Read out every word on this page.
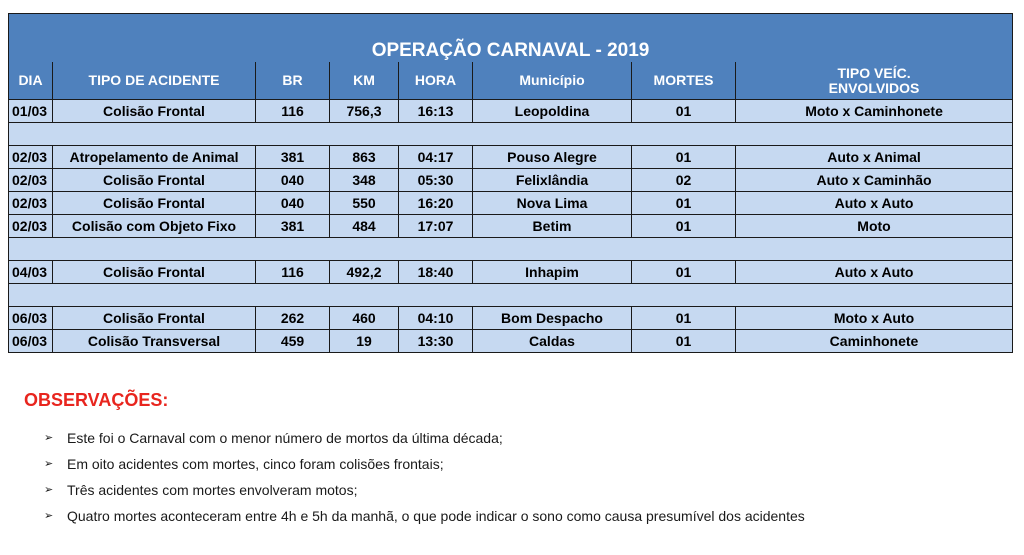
OPERAÇÃO CARNAVAL - 2019							
DIA	TIPO DE ACIDENTE	BR	KM	HORA	Município	MORTES	TIPO VEÍC.
ENVOLVIDOS
01/03	Colisão Frontal	116	756,3	16:13	Leopoldina	01	Moto x Caminhonete

02/03	Atropelamento de Animal	381	863	04:17	Pouso Alegre	01	Auto x Animal
02/03	Colisão Frontal	040	348	05:30	Felixlândia	02	Auto x Caminhão
02/03	Colisão Frontal	040	550	16:20	Nova Lima	01	Auto x Auto
02/03	Colisão com Objeto Fixo	381	484	17:07	Betim	01	Moto

04/03	Colisão Frontal	116	492,2	18:40	Inhapim	01	Auto x Auto

06/03	Colisão Frontal	262	460	04:10	Bom Despacho	01	Moto x Auto
06/03	Colisão Transversal	459	19	13:30	Caldas	01	Caminhonete
OBSERVAÇÕES:
➢ Este foi o Carnaval com o menor número de mortos da última década;
➢ Em oito acidentes com mortes, cinco foram colisões frontais;
➢ Três acidentes com mortes envolveram motos;
➢ Quatro mortes aconteceram entre 4h e 5h da manhã, o que pode indicar o sono como causa presumível dos acidentes
